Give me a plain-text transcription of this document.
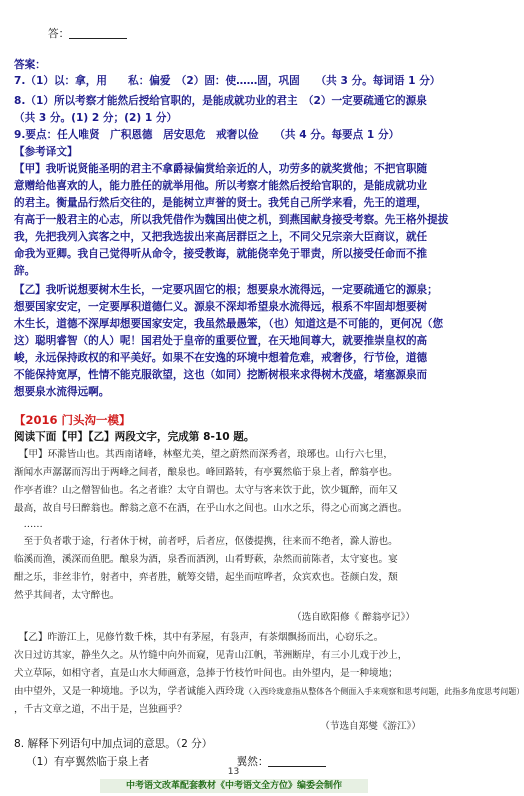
答：
答案：
7.（1）以：拿，用　　私：偏爱　（2）固：使……固，巩固　　（共 3 分。每词语 1 分）
8.（1）所以考察才能然后授给官职的，是能成就功业的君主　（2）一定要疏通它的源泉
（共 3 分。(1) 2 分；(2) 1 分）
9.要点：任人唯贤　广积恩德　居安思危　戒奢以俭　　（共 4 分。每要点 1 分）
【参考译文】
【甲】我听说贤能圣明的君主不拿爵禄偏赏给亲近的人，功劳多的就奖赏他；不把官职随
意赠给他喜欢的人，能力胜任的就举用他。所以考察才能然后授给官职的，是能成就功业
的君主。衡量品行然后交往的，是能树立声誉的贤士。我凭自己所学来看，先王的道理，
有高于一般君主的心志，所以我凭借作为魏国出使之机，到燕国献身接受考察。先王格外提拔
我，先把我列入宾客之中，又把我选拔出来高居群臣之上，不同父兄宗亲大臣商议，就任
命我为亚卿。我自己觉得听从命令，接受教诲，就能侥幸免于罪责，所以接受任命而不推
辞。
【乙】我听说想要树木生长，一定要巩固它的根；想要泉水流得远，一定要疏通它的源泉；
想要国家安定，一定要厚积道德仁义。源泉不深却希望泉水流得远，根系不牢固却想要树
木生长，道德不深厚却想要国家安定，我虽然最愚笨，（也）知道这是不可能的，更何况（您
这）聪明睿智（的人）呢！国君处于皇帝的重要位置，在天地间尊大，就要推崇皇权的高
峻，永远保持政权的和平美好。如果不在安逸的环境中想着危难，戒奢侈，行节俭，道德
不能保持宽厚，性情不能克服欲望，这也（如同）挖断树根来求得树木茂盛，堵塞源泉而
想要泉水流得远啊。
【2016 门头沟一模】
阅读下面【甲】【乙】两段文字，完成第 8-10 题。
　【甲】环滁皆山也。其西南诸峰，林壑尤美，望之蔚然而深秀者，琅琊也。山行六七里，
渐闻水声潺潺而泻出于两峰之间者，酿泉也。峰回路转，有亭翼然临于泉上者，醉翁亭也。
作亭者谁？山之僧智仙也。名之者谁？太守自谓也。太守与客来饮于此，饮少辄醉，而年又
最高，故自号曰醉翁也。醉翁之意不在酒，在乎山水之间也。山水之乐，得之心而寓之酒也。
　……
　至于负者歌于途，行者休于树，前者呼，后者应，伛偻提携，往来而不绝者，滁人游也。
临溪而渔，溪深而鱼肥。酿泉为酒，泉香而酒洌，山肴野蔌，杂然而前陈者，太守宴也。宴
酣之乐，非丝非竹，射者中，弈者胜，觥筹交错，起坐而喧哗者，众宾欢也。苍颜白发，颓
然乎其间者，太守醉也。
（选自欧阳修《 醉翁亭记》）
　【乙】昨游江上，见修竹数千株，其中有茅屋，有袅声，有茶烟飘扬而出，心窃乐之。
次日过访其家，静坐久之。从竹缝中向外而窥，见青山江帆，苇洲断岸，有三小儿戏于沙上，
犬立草际，如相守者，直是山水大师画意，急捧于竹枝竹叶间也。由外望内，是一种境地；
由中望外，又是一种境地。予以为，学者诚能入西玲珑（入西玲珑意指从整体各个侧面入手来观察和思考问题，此指多角度思考问题）
，千古文章之道，不出于是，岂独画乎？
（节选自郑燮《游江》）
8. 解释下列语句中加点词的意思。（2 分）
（1）有亭翼然临于泉上者	翼然：
13
中考语文改革配套教材《中考语文全方位》编委会制作
